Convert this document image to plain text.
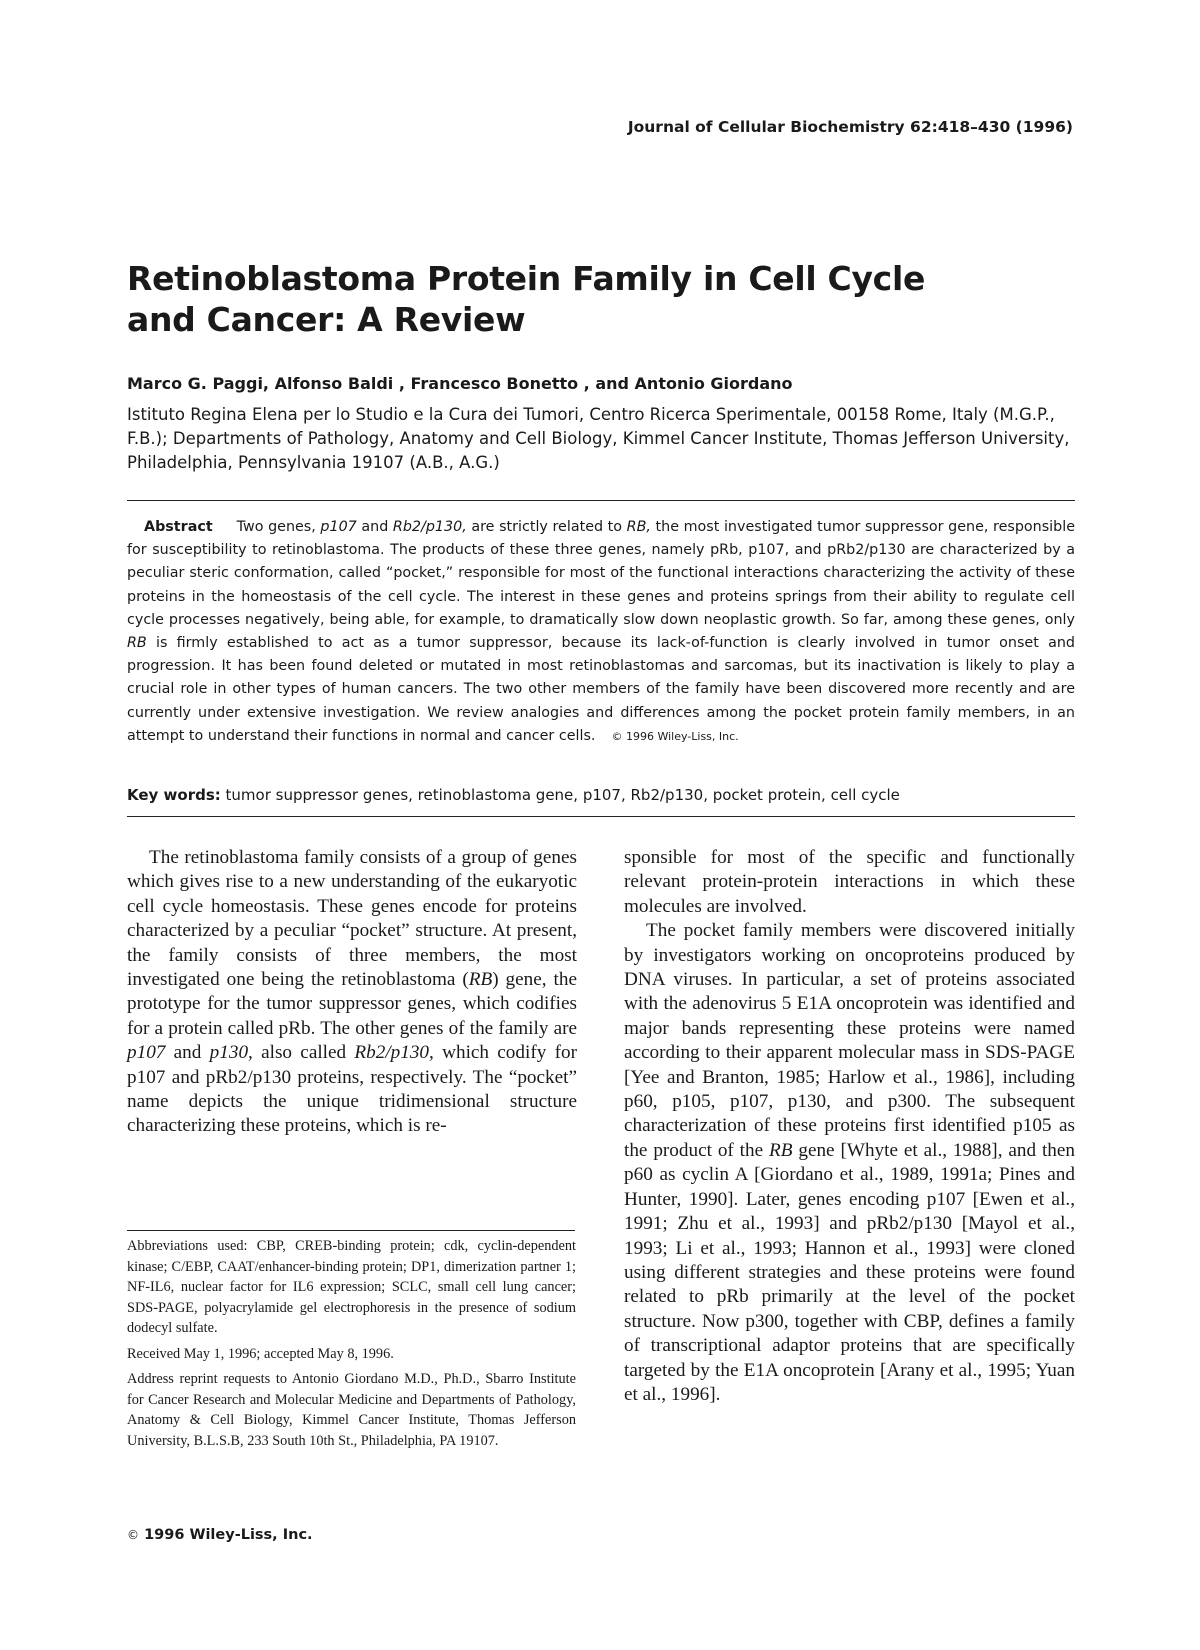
Journal of Cellular Biochemistry 62:418–430 (1996)
Retinoblastoma Protein Family in Cell Cycle
and Cancer: A Review
Marco G. Paggi, Alfonso Baldi , Francesco Bonetto , and Antonio Giordano
Istituto Regina Elena per lo Studio e la Cura dei Tumori, Centro Ricerca Sperimentale, 00158 Rome, Italy (M.G.P., F.B.); Departments of Pathology, Anatomy and Cell Biology, Kimmel Cancer Institute, Thomas Jefferson University, Philadelphia, Pennsylvania 19107 (A.B., A.G.)
Abstract Two genes, p107 and Rb2/p130, are strictly related to RB, the most investigated tumor suppressor gene, responsible for susceptibility to retinoblastoma. The products of these three genes, namely pRb, p107, and pRb2/p130 are characterized by a peculiar steric conformation, called “pocket,” responsible for most of the functional interactions characterizing the activity of these proteins in the homeostasis of the cell cycle. The interest in these genes and proteins springs from their ability to regulate cell cycle processes negatively, being able, for example, to dramatically slow down neoplastic growth. So far, among these genes, only RB is firmly established to act as a tumor suppressor, because its lack-of-function is clearly involved in tumor onset and progression. It has been found deleted or mutated in most retinoblastomas and sarcomas, but its inactivation is likely to play a crucial role in other types of human cancers. The two other members of the family have been discovered more recently and are currently under extensive investigation. We review analogies and differences among the pocket protein family members, in an attempt to understand their functions in normal and cancer cells. © 1996 Wiley-Liss, Inc.
Key words: tumor suppressor genes, retinoblastoma gene, p107, Rb2/p130, pocket protein, cell cycle

The retinoblastoma family consists of a group of genes which gives rise to a new understanding of the eukaryotic cell cycle homeostasis. These genes encode for proteins characterized by a peculiar “pocket” structure. At present, the family consists of three members, the most investigated one being the retinoblastoma (RB) gene, the prototype for the tumor suppressor genes, which codifies for a protein called pRb. The other genes of the family are p107 and p130, also called Rb2/p130, which codify for p107 and pRb2/p130 proteins, respectively. The “pocket” name depicts the unique tridimensional structure characterizing these proteins, which is re-

sponsible for most of the specific and functionally relevant protein-protein interactions in which these molecules are involved.

The pocket family members were discovered initially by investigators working on oncoproteins produced by DNA viruses. In particular, a set of proteins associated with the adenovirus 5 E1A oncoprotein was identified and major bands representing these proteins were named according to their apparent molecular mass in SDS-PAGE [Yee and Branton, 1985; Harlow et al., 1986], including p60, p105, p107, p130, and p300. The subsequent characterization of these proteins first identified p105 as the product of the RB gene [Whyte et al., 1988], and then p60 as cyclin A [Giordano et al., 1989, 1991a; Pines and Hunter, 1990]. Later, genes encoding p107 [Ewen et al., 1991; Zhu et al., 1993] and pRb2/p130 [Mayol et al., 1993; Li et al., 1993; Hannon et al., 1993] were cloned using different strategies and these proteins were found related to pRb primarily at the level of the pocket structure. Now p300, together with CBP, defines a family of transcriptional adaptor proteins that are specifically targeted by the E1A oncoprotein [Arany et al., 1995; Yuan et al., 1996].

Abbreviations used: CBP, CREB-binding protein; cdk, cyclin-dependent kinase; C/EBP, CAAT/enhancer-binding protein; DP1, dimerization partner 1; NF-IL6, nuclear factor for IL6 expression; SCLC, small cell lung cancer; SDS-PAGE, polyacrylamide gel electrophoresis in the presence of sodium dodecyl sulfate.

Received May 1, 1996; accepted May 8, 1996.

Address reprint requests to Antonio Giordano M.D., Ph.D., Sbarro Institute for Cancer Research and Molecular Medicine and Departments of Pathology, Anatomy & Cell Biology, Kimmel Cancer Institute, Thomas Jefferson University, B.L.S.B, 233 South 10th St., Philadelphia, PA 19107.

© 1996 Wiley-Liss, Inc.
